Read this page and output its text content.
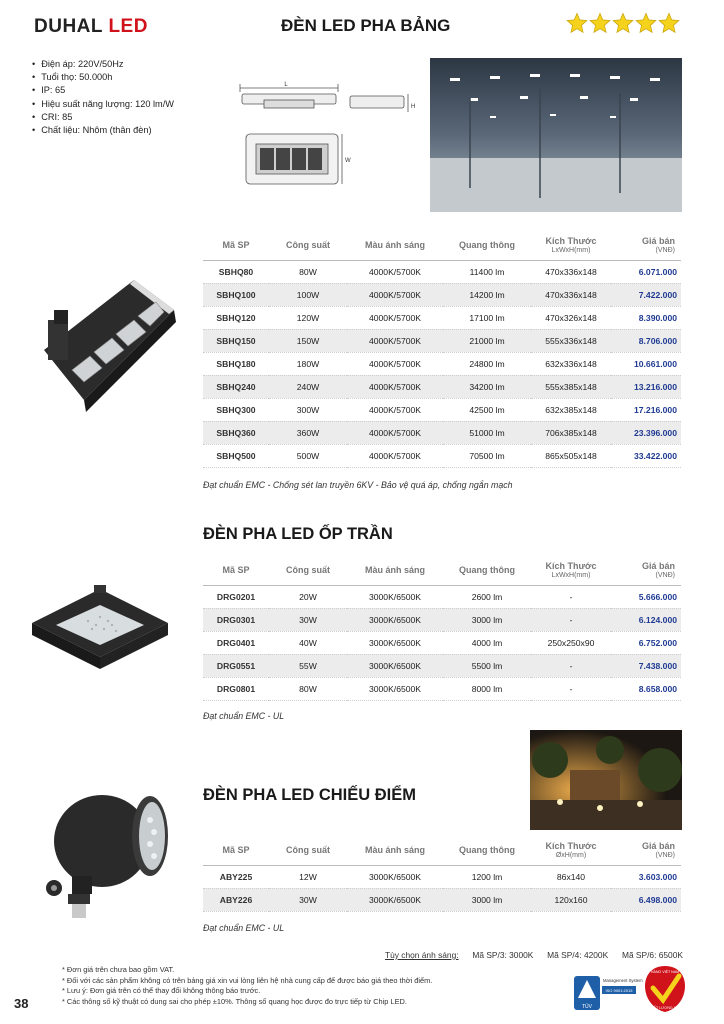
DUHAL LED	ĐÈN LED PHA BẢNG
• Điện áp: 220V/50Hz
• Tuổi thọ: 50.000h
• IP: 65
• Hiệu suất năng lượng: 120 lm/W
• CRI: 85
• Chất liệu: Nhôm (thân đèn)
L
H
W
Mã SP	Công suất	Màu ánh sáng	Quang thông	Kích Thước
LxWxH(mm)	Giá bán
(VNĐ)

SBHQ80	80W	4000K/5700K	11400 lm	470x336x148	6.071.000
SBHQ100	100W	4000K/5700K	14200 lm	470x336x148	7.422.000
SBHQ120	120W	4000K/5700K	17100 lm	470x326x148	8.390.000
SBHQ150	150W	4000K/5700K	21000 lm	555x336x148	8.706.000
SBHQ180	180W	4000K/5700K	24800 lm	632x336x148	10.661.000
SBHQ240	240W	4000K/5700K	34200 lm	555x385x148	13.216.000
SBHQ300	300W	4000K/5700K	42500 lm	632x385x148	17.216.000
SBHQ360	360W	4000K/5700K	51000 lm	706x385x148	23.396.000
SBHQ500	500W	4000K/5700K	70500 lm	865x505x148	33.422.000
Đạt chuẩn EMC - Chống sét lan truyền 6KV - Bảo vệ quá áp, chống ngắn mạch
ĐÈN PHA LED ỐP TRẦN
Mã SP	Công suất	Màu ánh sáng	Quang thông	Kích Thước
LxWxH(mm)	Giá bán
(VNĐ)

DRG0201	20W	3000K/6500K	2600 lm	-	5.666.000
DRG0301	30W	3000K/6500K	3000 lm	-	6.124.000
DRG0401	40W	3000K/6500K	4000 lm	250x250x90	6.752.000
DRG0551	55W	3000K/6500K	5500 lm	-	7.438.000
DRG0801	80W	3000K/6500K	8000 lm	-	8.658.000
Đạt chuẩn EMC - UL
ĐÈN PHA LED CHIẾU ĐIỂM
Mã SP	Công suất	Màu ánh sáng	Quang thông	Kích Thước
ØxH(mm)	Giá bán
(VNĐ)

ABY225	12W	3000K/6500K	1200 lm	86x140	3.603.000
ABY226	30W	3000K/6500K	3000 lm	120x160	6.498.000
Đạt chuẩn EMC - UL
Tùy chọn ánh sáng: Mã SP/3: 3000K Mã SP/4: 4200K Mã SP/6: 6500K
* Đơn giá trên chưa bao gồm VAT.
* Đối với các sản phẩm không có trên bảng giá xin vui lòng liên hệ nhà cung cấp để được báo giá theo thời điểm.
* Lưu ý: Đơn giá trên có thể thay đổi không thông báo trước.
* Các thông số kỹ thuật có dung sai cho phép ±10%. Thông số quang học được đo trực tiếp từ Chip LED.
38	TÜV
Management System
ISO 9001:2015
HÀNG VIỆT NAM
CHẤT LƯỢNG CAO
